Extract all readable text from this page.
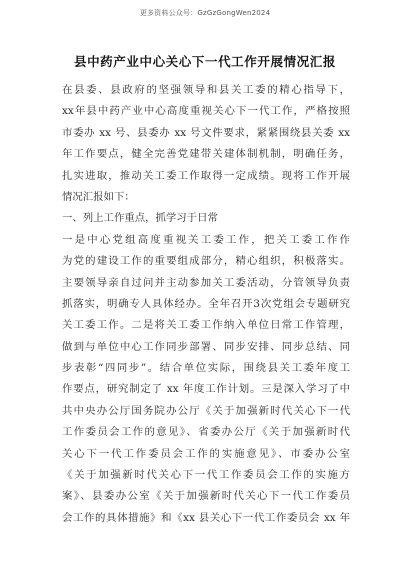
更多资料公众号：GzGzGongWen2024
县中药产业中心关心下一代工作开展情况汇报
在县委、县政府的坚强领导和县关工委的精心指导下，
xx年县中药产业中心高度重视关心下一代工作，严格按照
市委办 xx 号、县委办 xx 号文件要求，紧紧围绕县关委 xx
年工作要点，健全完善党建带关建体制机制，明确任务，
扎实进取，推动关工委工作取得一定成绩。现将工作开展
情况汇报如下：
一、列上工作重点，抓学习于日常
一是中心党组高度重视关工委工作，把关工委工作作
为党的建设工作的重要组成部分，精心组织，积极落实。
主要领导亲自过问并主动参加关工委活动，分管领导负责
抓落实，明确专人具体经办。全年召开3次党组会专题研究
关工委工作。二是将关工委工作纳入单位日常工作管理，
做到与单位中心工作同步部署、同步安排、同步总结、同
步表彰“四同步”。结合单位实际，围绕县关工委年度工
作要点，研究制定了 xx 年度工作计划。三是深入学习了中
共中央办公厅国务院办公厅《关于加强新时代关心下一代
工作委员会工作的意见》、省委办公厅《关于加强新时代
关心下一代工作委员会工作的实施意见》、市委办公室
《关于加强新时代关心下一代工作委员会工作的实施方
案》、县委办公室《关于加强新时代关心下一代工作委员
会工作的具体措施》和《xx 县关心下一代工作委员会 xx 年
